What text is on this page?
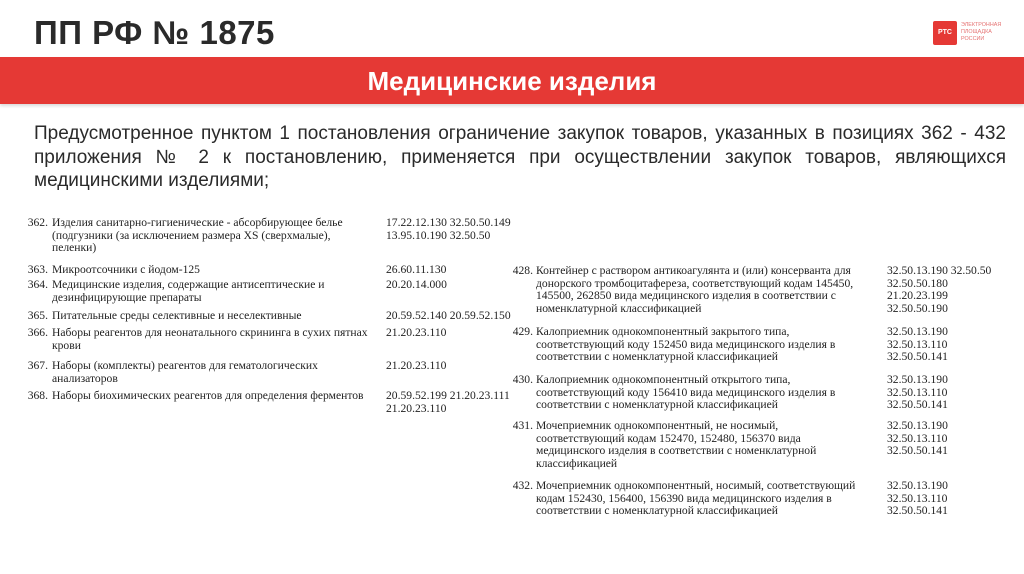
ПП РФ № 1875	РТС
ЭЛЕКТРОННАЯ ПЛОЩАДКА РОССИИ
Медицинские изделия
Предусмотренное пунктом 1 постановления ограничение закупок товаров, указанных в позициях 362 - 432 приложения № 2 к постановлению, применяется при осуществлении закупок товаров, являющихся медицинскими изделиями;
362. Изделия санитарно-гигиенические - абсорбирующее белье (подгузники (за исключением размера XS (сверхмалые), пеленки)
17.22.12.130 32.50.50.149
13.95.10.190 32.50.50
363. Микроотсочники с йодом-125	26.60.11.130
364. Медицинские изделия, содержащие антисептические и дезинфицирующие препараты
20.20.14.000
365. Питательные среды селективные и неселективные	20.59.52.140 20.59.52.150
366. Наборы реагентов для неонатального скрининга в сухих пятнах крови
21.20.23.110
367. Наборы (комплекты) реагентов для гематологических анализаторов
21.20.23.110
368. Наборы биохимических реагентов для определения ферментов	20.59.52.199 21.20.23.111
21.20.23.110
428. Контейнер с раствором антикоагулянта и (или) консервантa для донорского тромбоцитафереза, соответствующий кодам 145450, 145500, 262850 вида медицинского изделия в соответствии с номенклатурной классификацией
32.50.13.190 32.50.50
32.50.50.180
21.20.23.199
32.50.50.190
429. Калоприемник однокомпонентный закрытого типа, соответствующий коду 152450 вида медицинского изделия в соответствии с номенклатурной классификацией
32.50.13.190
32.50.13.110
32.50.50.141
430. Калоприемник однокомпонентный открытого типа, соответствующий коду 156410 вида медицинского изделия в соответствии с номенклатурной классификацией
32.50.13.190
32.50.13.110
32.50.50.141
431. Мочеприемник однокомпонентный, не носимый, соответствующий кодам 152470, 152480, 156370 вида медицинского изделия в соответствии с номенклатурной классификацией
32.50.13.190
32.50.13.110
32.50.50.141
432. Мочеприемник однокомпонентный, носимый, соответствующий кодам 152430, 156400, 156390 вида медицинского изделия в соответствии с номенклатурной классификацией
32.50.13.190
32.50.13.110
32.50.50.141
